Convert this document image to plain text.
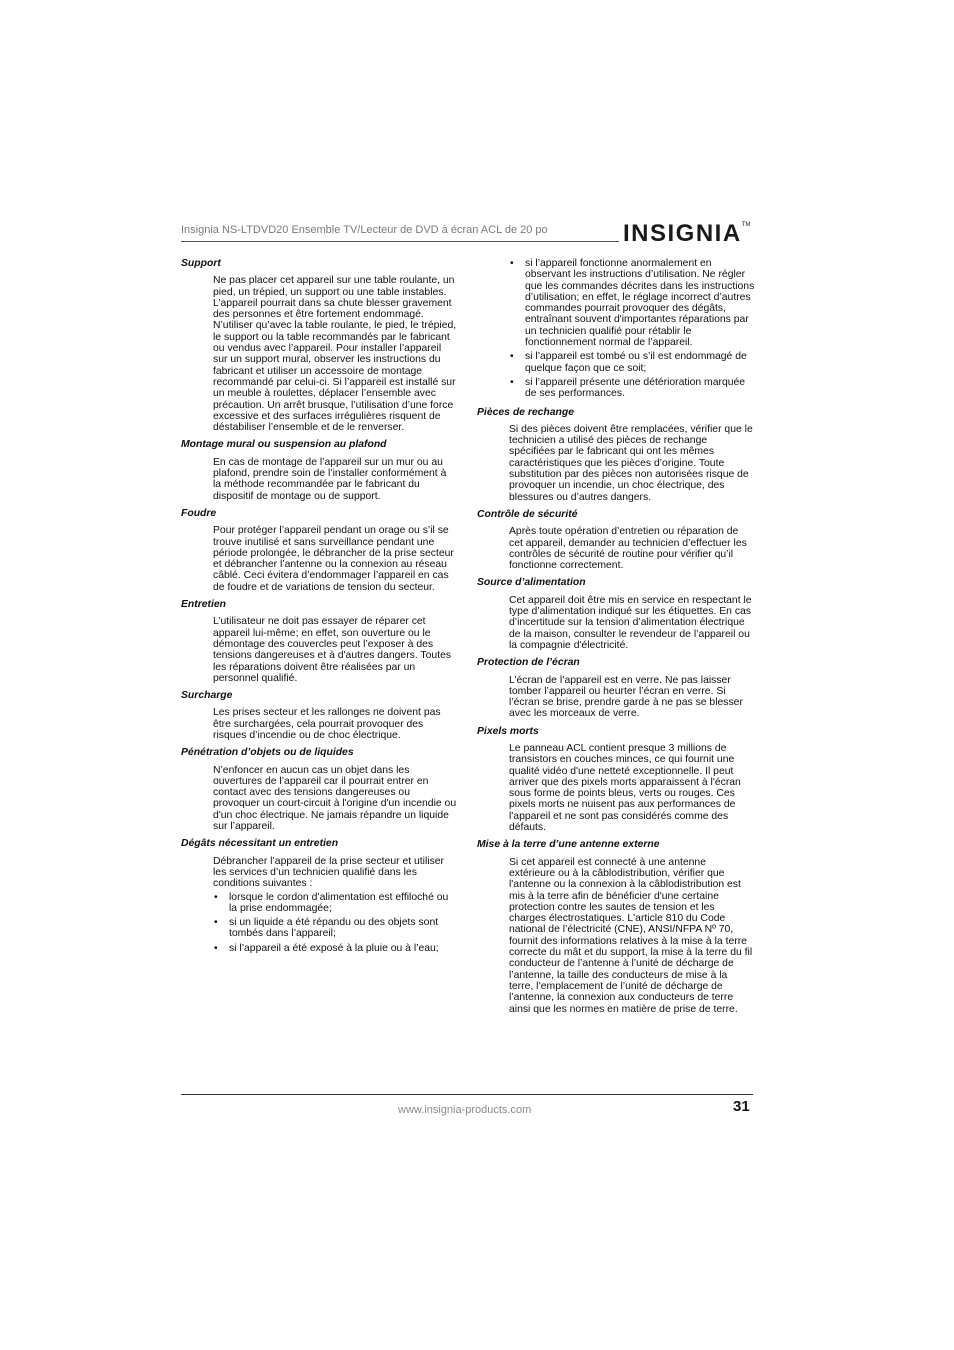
Insignia NS-LTDVD20 Ensemble TV/Lecteur de DVD à écran ACL de 20 po	INSIGNIA™
Support
Ne pas placer cet appareil sur une table roulante, un pied, un trépied, un support ou une table instables. L’appareil pourrait dans sa chute blesser gravement des personnes et être fortement endommagé. N’utiliser qu’avec la table roulante, le pied, le trépied, le support ou la table recommandés par le fabricant ou vendus avec l’appareil. Pour installer l’appareil sur un support mural, observer les instructions du fabricant et utiliser un accessoire de montage recommandé par celui-ci. Si l’appareil est installé sur un meuble à roulettes, déplacer l’ensemble avec précaution. Un arrêt brusque, l’utilisation d’une force excessive et des surfaces irrégulières risquent de déstabiliser l’ensemble et de le renverser.
Montage mural ou suspension au plafond
En cas de montage de l’appareil sur un mur ou au plafond, prendre soin de l’installer conformément à la méthode recommandée par le fabricant du dispositif de montage ou de support.
Foudre
Pour protéger l’appareil pendant un orage ou s’il se trouve inutilisé et sans surveillance pendant une période prolongée, le débrancher de la prise secteur et débrancher l’antenne ou la connexion au réseau câblé. Ceci évitera d’endommager l’appareil en cas de foudre et de variations de tension du secteur.
Entretien
L’utilisateur ne doit pas essayer de réparer cet appareil lui-même; en effet, son ouverture ou le démontage des couvercles peut l’exposer à des tensions dangereuses et à d'autres dangers. Toutes les réparations doivent être réalisées par un personnel qualifié.
Surcharge
Les prises secteur et les rallonges ne doivent pas être surchargées, cela pourrait provoquer des risques d’incendie ou de choc électrique.
Pénétration d’objets ou de liquides
N’enfoncer en aucun cas un objet dans les ouvertures de l’appareil car il pourrait entrer en contact avec des tensions dangereuses ou provoquer un court-circuit à l'origine d'un incendie ou d'un choc électrique. Ne jamais répandre un liquide sur l’appareil.
Dégâts nécessitant un entretien
Débrancher l’appareil de la prise secteur et utiliser les services d’un technicien qualifié dans les conditions suivantes :
• lorsque le cordon d’alimentation est effiloché ou la prise endommagée;
• si un liquide a été répandu ou des objets sont tombés dans l’appareil;
• si l’appareil a été exposé à la pluie ou à l’eau;
• si l’appareil fonctionne anormalement en observant les instructions d’utilisation. Ne régler que les commandes décrites dans les instructions d’utilisation; en effet, le réglage incorrect d’autres commandes pourrait provoquer des dégâts, entraînant souvent d'importantes réparations par un technicien qualifié pour rétablir le fonctionnement normal de l’appareil.
• si l’appareil est tombé ou s’il est endommagé de quelque façon que ce soit;
• si l’appareil présente une détérioration marquée de ses performances.
Pièces de rechange
Si des pièces doivent être remplacées, vérifier que le technicien a utilisé des pièces de rechange spécifiées par le fabricant qui ont les mêmes caractéristiques que les pièces d’origine. Toute substitution par des pièces non autorisées risque de provoquer un incendie, un choc électrique, des blessures ou d’autres dangers.
Contrôle de sécurité
Après toute opération d’entretien ou réparation de cet appareil, demander au technicien d’effectuer les contrôles de sécurité de routine pour vérifier qu’il fonctionne correctement.
Source d’alimentation
Cet appareil doit être mis en service en respectant le type d’alimentation indiqué sur les étiquettes. En cas d’incertitude sur la tension d’alimentation électrique de la maison, consulter le revendeur de l’appareil ou la compagnie d'électricité.
Protection de l’écran
L’écran de l’appareil est en verre. Ne pas laisser tomber l’appareil ou heurter l’écran en verre. Si l’écran se brise, prendre garde à ne pas se blesser avec les morceaux de verre.
Pixels morts
Le panneau ACL contient presque 3 millions de transistors en couches minces, ce qui fournit une qualité vidéo d'une netteté exceptionnelle. Il peut arriver que des pixels morts apparaissent à l'écran sous forme de points bleus, verts ou rouges. Ces pixels morts ne nuisent pas aux performances de l'appareil et ne sont pas considérés comme des défauts.
Mise à la terre d’une antenne externe
Si cet appareil est connecté à une antenne extérieure ou à la câblodistribution, vérifier que l'antenne ou la connexion à la câblodistribution est mis à la terre afin de bénéficier d'une certaine protection contre les sautes de tension et les charges électrostatiques. L'article 810 du Code national de l’électricité (CNE), ANSI/NFPA Nº 70, fournit des informations relatives à la mise à la terre correcte du mât et du support, la mise à la terre du fil conducteur de l’antenne à l’unité de décharge de l’antenne, la taille des conducteurs de mise à la terre, l’emplacement de l’unité de décharge de l’antenne, la connexion aux conducteurs de terre ainsi que les normes en matière de prise de terre.
www.insignia-products.com	31
